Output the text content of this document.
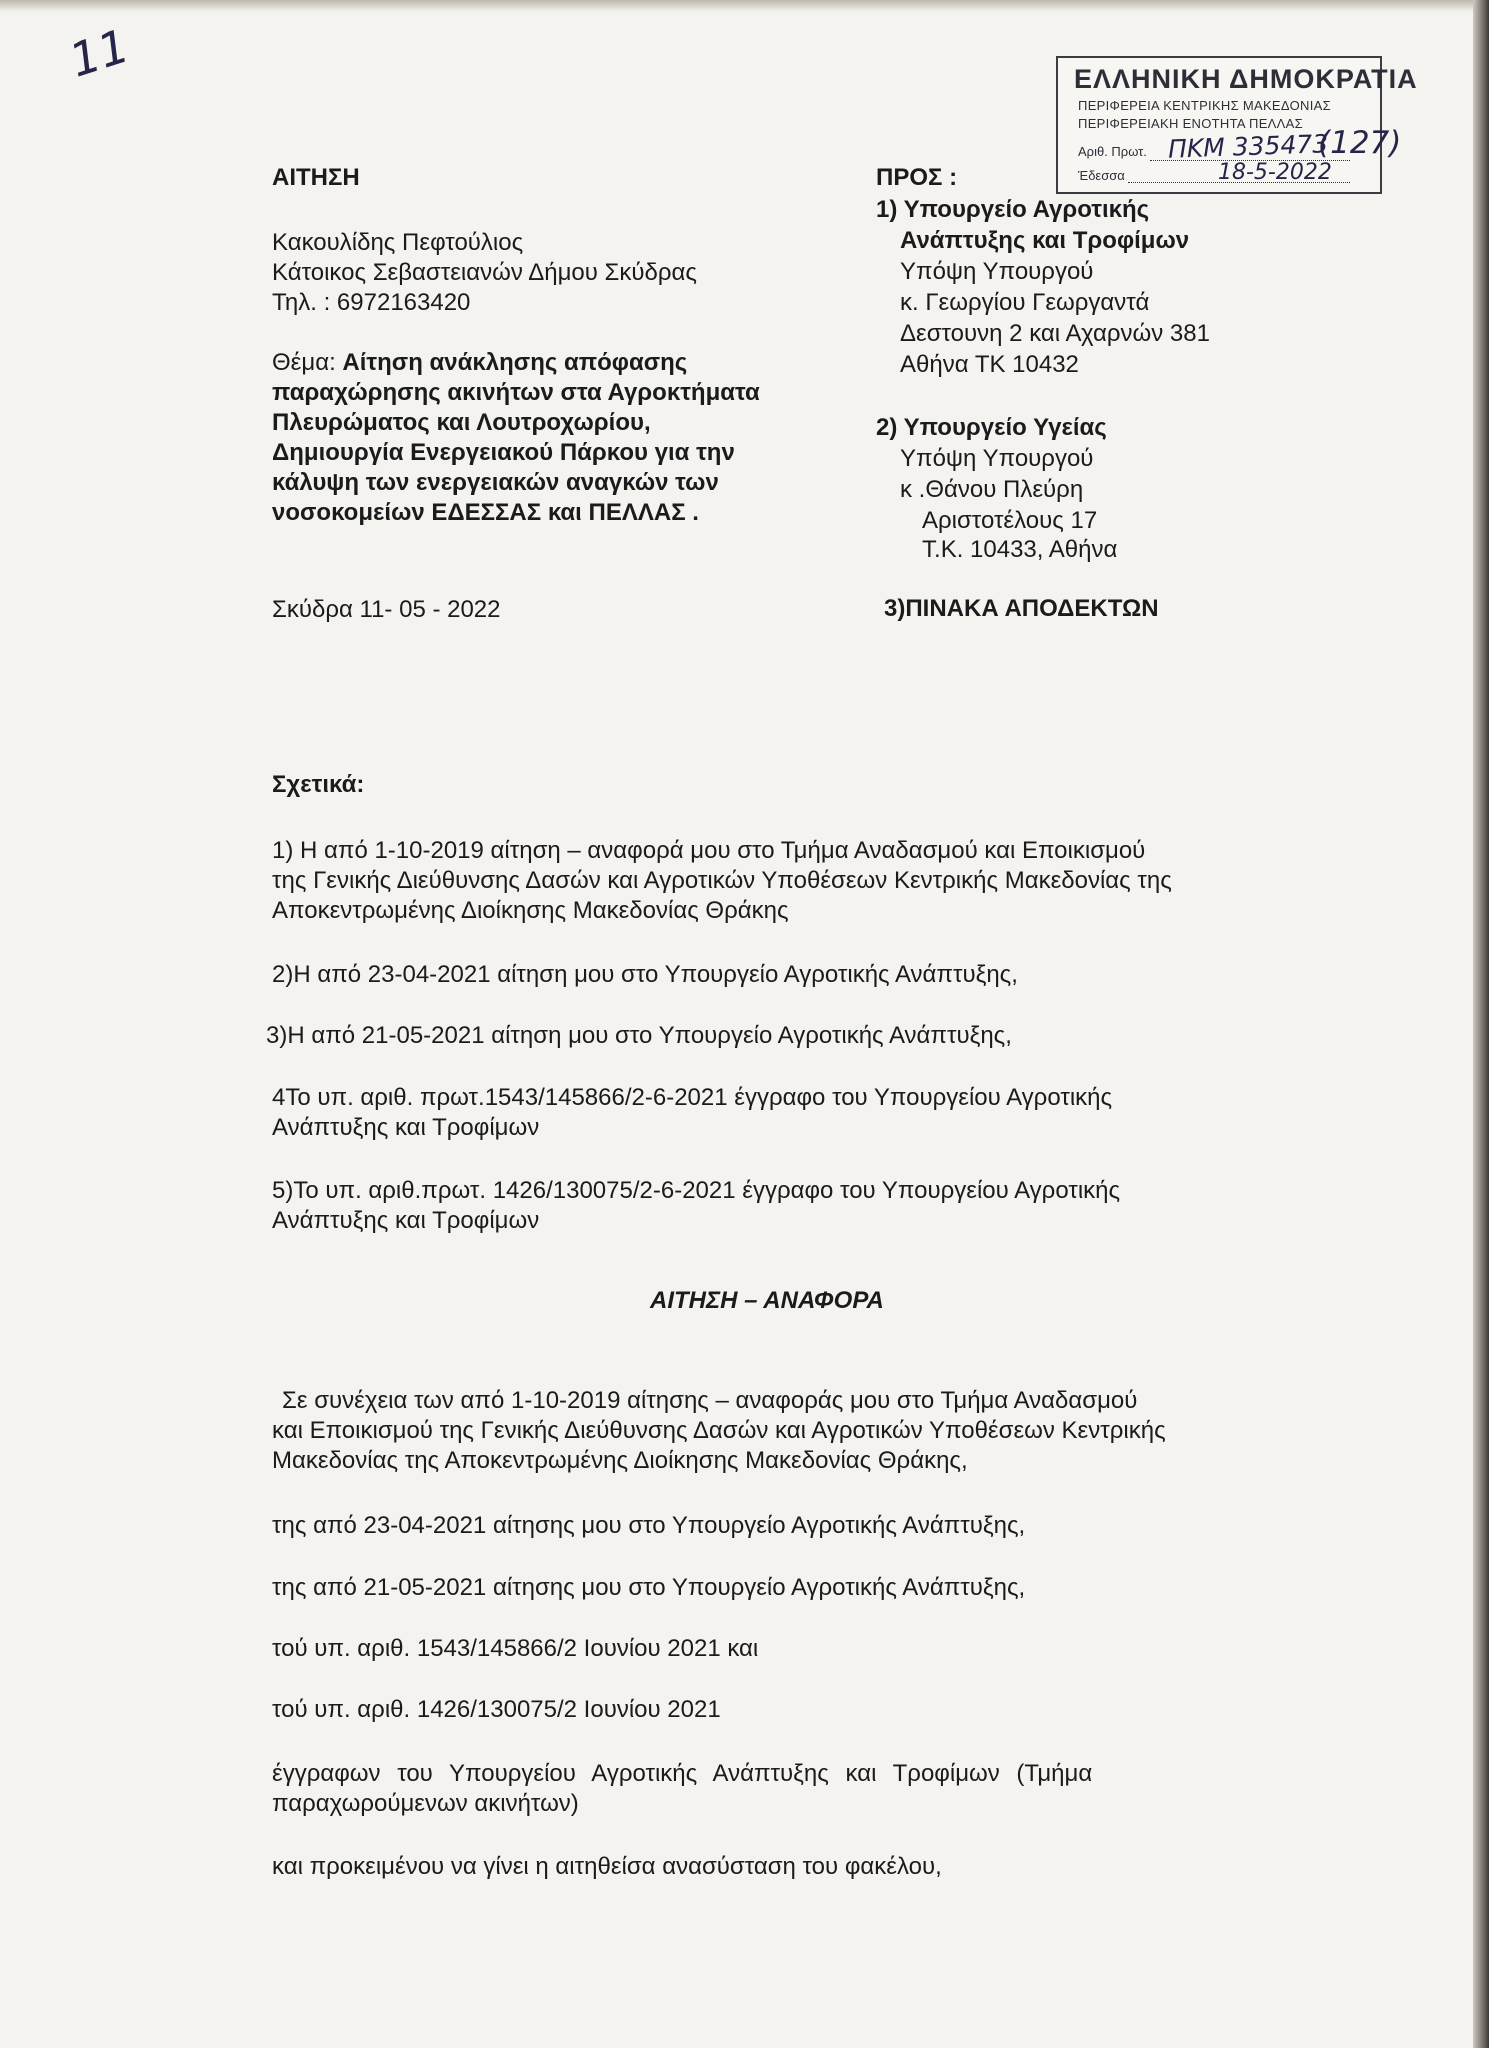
11	ΕΛΛΗΝΙΚΗ ΔΗΜΟΚΡΑΤΙΑ
ΠΕΡΙΦΕΡΕΙΑ ΚΕΝΤΡΙΚΗΣ ΜΑΚΕΔΟΝΙΑΣ
ΠΕΡΙΦΕΡΕΙΑΚΗ ΕΝΟΤΗΤΑ ΠΕΛΛΑΣ
Αριθ. Πρωτ.
Έδεσσα
ΠΚΜ 335473
(127)
18-5-2022
ΑΙΤΗΣΗ
Κακουλίδης Πεφτούλιος
Κάτοικος Σεβαστειανών Δήμου Σκύδρας
Τηλ. : 6972163420
Θέμα: Αίτηση ανάκλησης απόφασης
παραχώρησης ακινήτων στα Αγροκτήματα
Πλευρώματος και Λουτροχωρίου,
Δημιουργία Ενεργειακού Πάρκου για την
κάλυψη των ενεργειακών αναγκών των
νοσοκομείων ΕΔΕΣΣΑΣ και ΠΕΛΛΑΣ .
Σκύδρα 11- 05 - 2022
ΠΡΟΣ :
1) Υπουργείο Αγροτικής
Ανάπτυξης και Τροφίμων
Υπόψη Υπουργού
κ. Γεωργίου Γεωργαντά
Δεστουνη 2 και Αχαρνών 381
Αθήνα ΤΚ 10432
2) Υπουργείο Υγείας
Υπόψη Υπουργού
κ .Θάνου Πλεύρη
Αριστοτέλους 17
Τ.Κ. 10433, Αθήνα
3)ΠΙΝΑΚΑ ΑΠΟΔΕΚΤΩΝ
Σχετικά:
1) Η από 1-10-2019 αίτηση – αναφορά μου στο Τμήμα Αναδασμού και Εποικισμού
της Γενικής Διεύθυνσης Δασών και Αγροτικών Υποθέσεων Κεντρικής Μακεδονίας της
Αποκεντρωμένης Διοίκησης Μακεδονίας Θράκης
2)Η από 23-04-2021 αίτηση μου στο Υπουργείο Αγροτικής Ανάπτυξης,
3)Η από 21-05-2021 αίτηση μου στο Υπουργείο Αγροτικής Ανάπτυξης,
4Το υπ. αριθ. πρωτ.1543/145866/2-6-2021 έγγραφο του Υπουργείου Αγροτικής
Ανάπτυξης και Τροφίμων
5)Το υπ. αριθ.πρωτ. 1426/130075/2-6-2021 έγγραφο του Υπουργείου Αγροτικής
Ανάπτυξης και Τροφίμων
ΑΙΤΗΣΗ – ΑΝΑΦΟΡΑ
Σε συνέχεια των από 1-10-2019 αίτησης – αναφοράς μου στο Τμήμα Αναδασμού
και Εποικισμού της Γενικής Διεύθυνσης Δασών και Αγροτικών Υποθέσεων Κεντρικής
Μακεδονίας της Αποκεντρωμένης Διοίκησης Μακεδονίας Θράκης,
της από 23-04-2021 αίτησης μου στο Υπουργείο Αγροτικής Ανάπτυξης,
της από 21-05-2021 αίτησης μου στο Υπουργείο Αγροτικής Ανάπτυξης,
τού υπ. αριθ. 1543/145866/2 Ιουνίου 2021 και
τού υπ. αριθ. 1426/130075/2 Ιουνίου 2021
έγγραφων του Υπουργείου Αγροτικής Ανάπτυξης και Τροφίμων (Τμήμα
παραχωρούμενων ακινήτων)
και προκειμένου να γίνει η αιτηθείσα ανασύσταση του φακέλου,
